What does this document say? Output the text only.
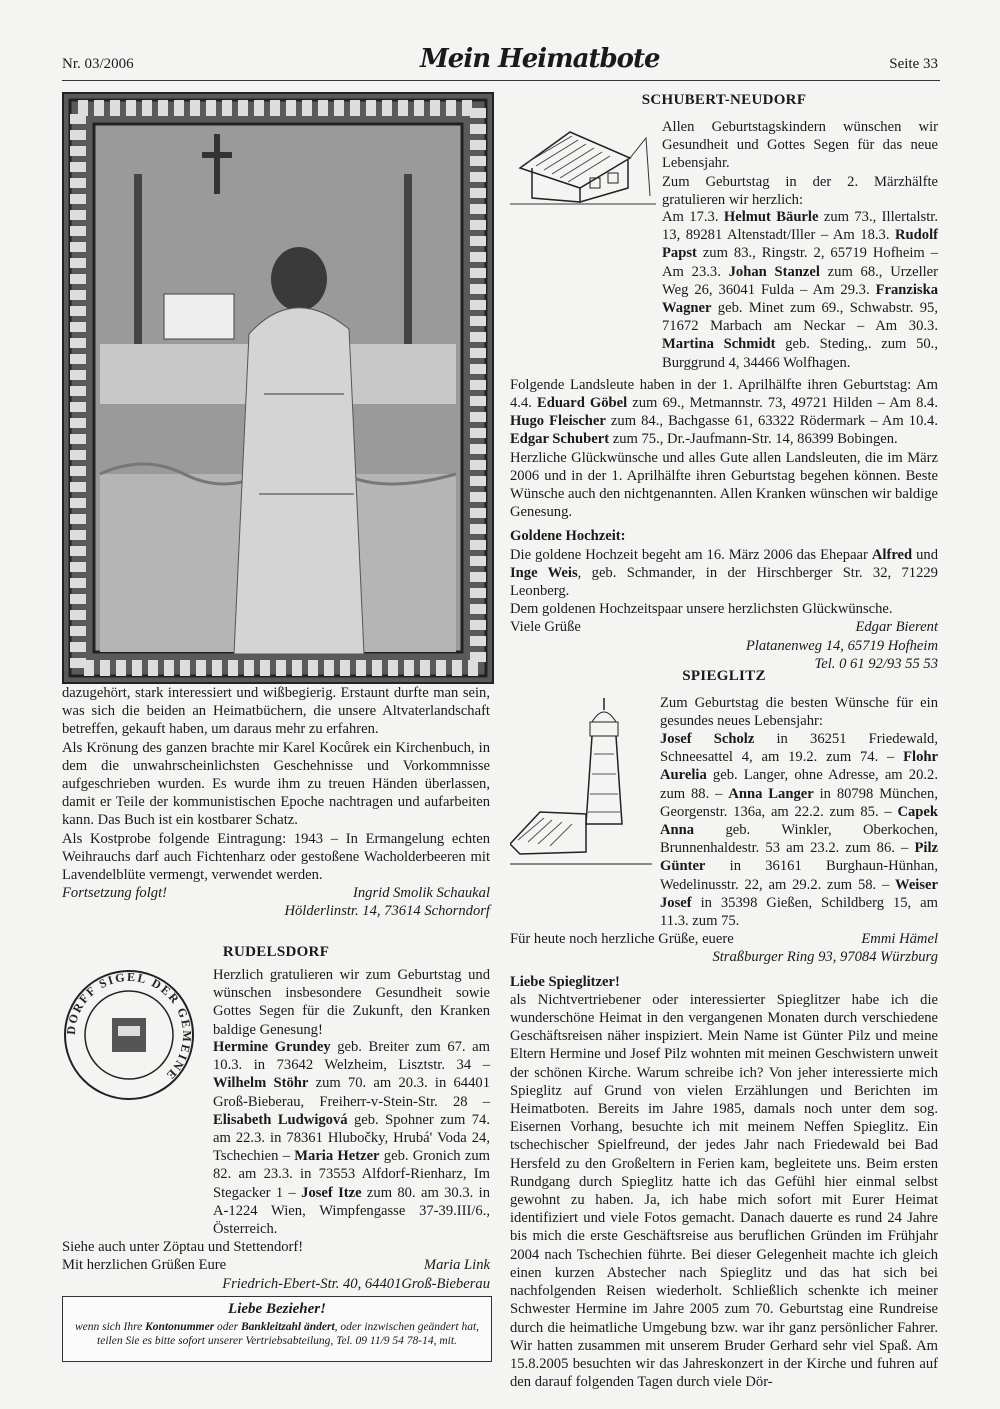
Nr. 03/2006	Mein Heimatbote	Seite 33

dazugehört, stark interessiert und wißbegierig. Erstaunt durfte man sein, was sich die beiden an Heimatbüchern, die unsere Altvaterlandschaft betreffen, gekauft haben, um daraus mehr zu erfahren.

Als Krönung des ganzen brachte mir Karel Kocůrek ein Kirchenbuch, in dem die unwahrscheinlichsten Geschehnisse und Vorkommnisse aufgeschrieben wurden. Es wurde ihm zu treuen Händen überlassen, damit er Teile der kommunistischen Epoche nachtragen und aufarbeiten kann. Das Buch ist ein kostbarer Schatz.

Als Kostprobe folgende Eintragung: 1943 – In Ermangelung echten Weihrauchs darf auch Fichtenharz oder gestoßene Wacholderbeeren mit Lavendelblüte vermengt, verwendet werden.

Fortsetzung folgt!	Ingrid Smolik Schaukal

Hölderlinstr. 14, 73614 Schorndorf

RUDELSDORF
DORFF SIGEL DER GEMEINE

Herzlich gratulieren wir zum Geburtstag und wünschen insbesondere Gesundheit sowie Gottes Segen für die Zukunft, den Kranken baldige Genesung!

Hermine Grundey geb. Breiter zum 67. am 10.3. in 73642 Welzheim, Lisztstr. 34 – Wilhelm Stöhr zum 70. am 20.3. in 64401 Groß-Bieberau, Freiherr-v-Stein-Str. 28 – Elisabeth Ludwigová geb. Spohner zum 74. am 22.3. in 78361 Hlubočky, Hrubá' Voda 24, Tschechien – Maria Hetzer geb. Gronich zum 82. am 23.3. in 73553 Alfdorf-Rienharz, Im Stegacker 1 – Josef Itze zum 80. am 30.3. in A-1224 Wien, Wimpfengasse 37-39.III/6., Österreich.

Siehe auch unter Zöptau und Stettendorf!

Mit herzlichen Grüßen Eure	Maria Link

Friedrich-Ebert-Str. 40, 64401Groß-Bieberau

Liebe Bezieher!
wenn sich Ihre Kontonummer oder Bankleitzahl ändert, oder inzwischen geändert hat, teilen Sie es bitte sofort unserer Vertriebsabteilung, Tel. 09 11/9 54 78-14, mit.
SCHUBERT-NEUDORF

Allen Geburtstagskindern wünschen wir Gesundheit und Gottes Segen für das neue Lebensjahr.

Zum Geburtstag in der 2. Märzhälfte gratulieren wir herzlich:

Am 17.3. Helmut Bäurle zum 73., Illertalstr. 13, 89281 Altenstadt/Iller – Am 18.3. Rudolf Papst zum 83., Ringstr. 2, 65719 Hofheim – Am 23.3. Johan Stanzel zum 68., Urzeller Weg 26, 36041 Fulda – Am 29.3. Franziska Wagner geb. Minet zum 69., Schwabstr. 95, 71672 Marbach am Neckar – Am 30.3. Martina Schmidt geb. Steding,. zum 50., Burggrund 4, 34466 Wolfhagen.

Folgende Landsleute haben in der 1. Aprilhälfte ihren Geburtstag: Am 4.4. Eduard Göbel zum 69., Metmannstr. 73, 49721 Hilden – Am 8.4. Hugo Fleischer zum 84., Bachgasse 61, 63322 Rödermark – Am 10.4. Edgar Schubert zum 75., Dr.-Jaufmann-Str. 14, 86399 Bobingen.

Herzliche Glückwünsche und alles Gute allen Landsleuten, die im März 2006 und in der 1. Aprilhälfte ihren Geburtstag begehen können. Beste Wünsche auch den nichtgenannten. Allen Kranken wünschen wir baldige Genesung.

Goldene Hochzeit:

Die goldene Hochzeit begeht am 16. März 2006 das Ehepaar Alfred und Inge Weis, geb. Schmander, in der Hirschberger Str. 32, 71229 Leonberg.

Dem goldenen Hochzeitspaar unsere herzlichsten Glückwünsche.

Viele Grüße	Edgar Bierent

Platanenweg 14, 65719 Hofheim

Tel. 0 61 92/93 55 53

SPIEGLITZ

Zum Geburtstag die besten Wünsche für ein gesundes neues Lebensjahr:

Josef Scholz in 36251 Friedewald, Schneesattel 4, am 19.2. zum 74. – Flohr Aurelia geb. Langer, ohne Adresse, am 20.2. zum 88. – Anna Langer in 80798 München, Georgenstr. 136a, am 22.2. zum 85. – Capek Anna geb. Winkler, Oberkochen, Brunnenhaldestr. 53 am 23.2. zum 86. – Pilz Günter in 36161 Burghaun-Hünhan, Wedelinusstr. 22, am 29.2. zum 58. – Weiser Josef in 35398 Gießen, Schildberg 15, am 11.3. zum 75.

Für heute noch herzliche Grüße, euere	Emmi Hämel

Straßburger Ring 93, 97084 Würzburg

Liebe Spieglitzer!

als Nichtvertriebener oder interessierter Spieglitzer habe ich die wunderschöne Heimat in den vergangenen Monaten durch verschiedene Geschäftsreisen näher inspiziert. Mein Name ist Günter Pilz und meine Eltern Hermine und Josef Pilz wohnten mit meinen Geschwistern unweit der schönen Kirche. Warum schreibe ich? Von jeher interessierte mich Spieglitz auf Grund von vielen Erzählungen und Berichten im Heimatboten. Bereits im Jahre 1985, damals noch unter dem sog. Eisernen Vorhang, besuchte ich mit meinem Neffen Spieglitz. Ein tschechischer Spielfreund, der jedes Jahr nach Friedewald bei Bad Hersfeld zu den Großeltern in Ferien kam, begleitete uns. Beim ersten Rundgang durch Spieglitz hatte ich das Gefühl hier einmal selbst gewohnt zu haben. Ja, ich habe mich sofort mit Eurer Heimat identifiziert und viele Fotos gemacht. Danach dauerte es rund 24 Jahre bis mich die erste Geschäftsreise aus beruflichen Gründen im Frühjahr 2004 nach Tschechien führte. Bei dieser Gelegenheit machte ich gleich einen kurzen Abstecher nach Spieglitz und das hat sich bei nachfolgenden Reisen wiederholt. Schließlich schenkte ich meiner Schwester Hermine im Jahre 2005 zum 70. Geburtstag eine Rundreise durch die heimatliche Umgebung bzw. war ihr ganz persönlicher Fahrer. Wir hatten zusammen mit unserem Bruder Gerhard sehr viel Spaß. Am 15.8.2005 besuchten wir das Jahreskonzert in der Kirche und fuhren auf den darauf folgenden Tagen durch viele Dör-
